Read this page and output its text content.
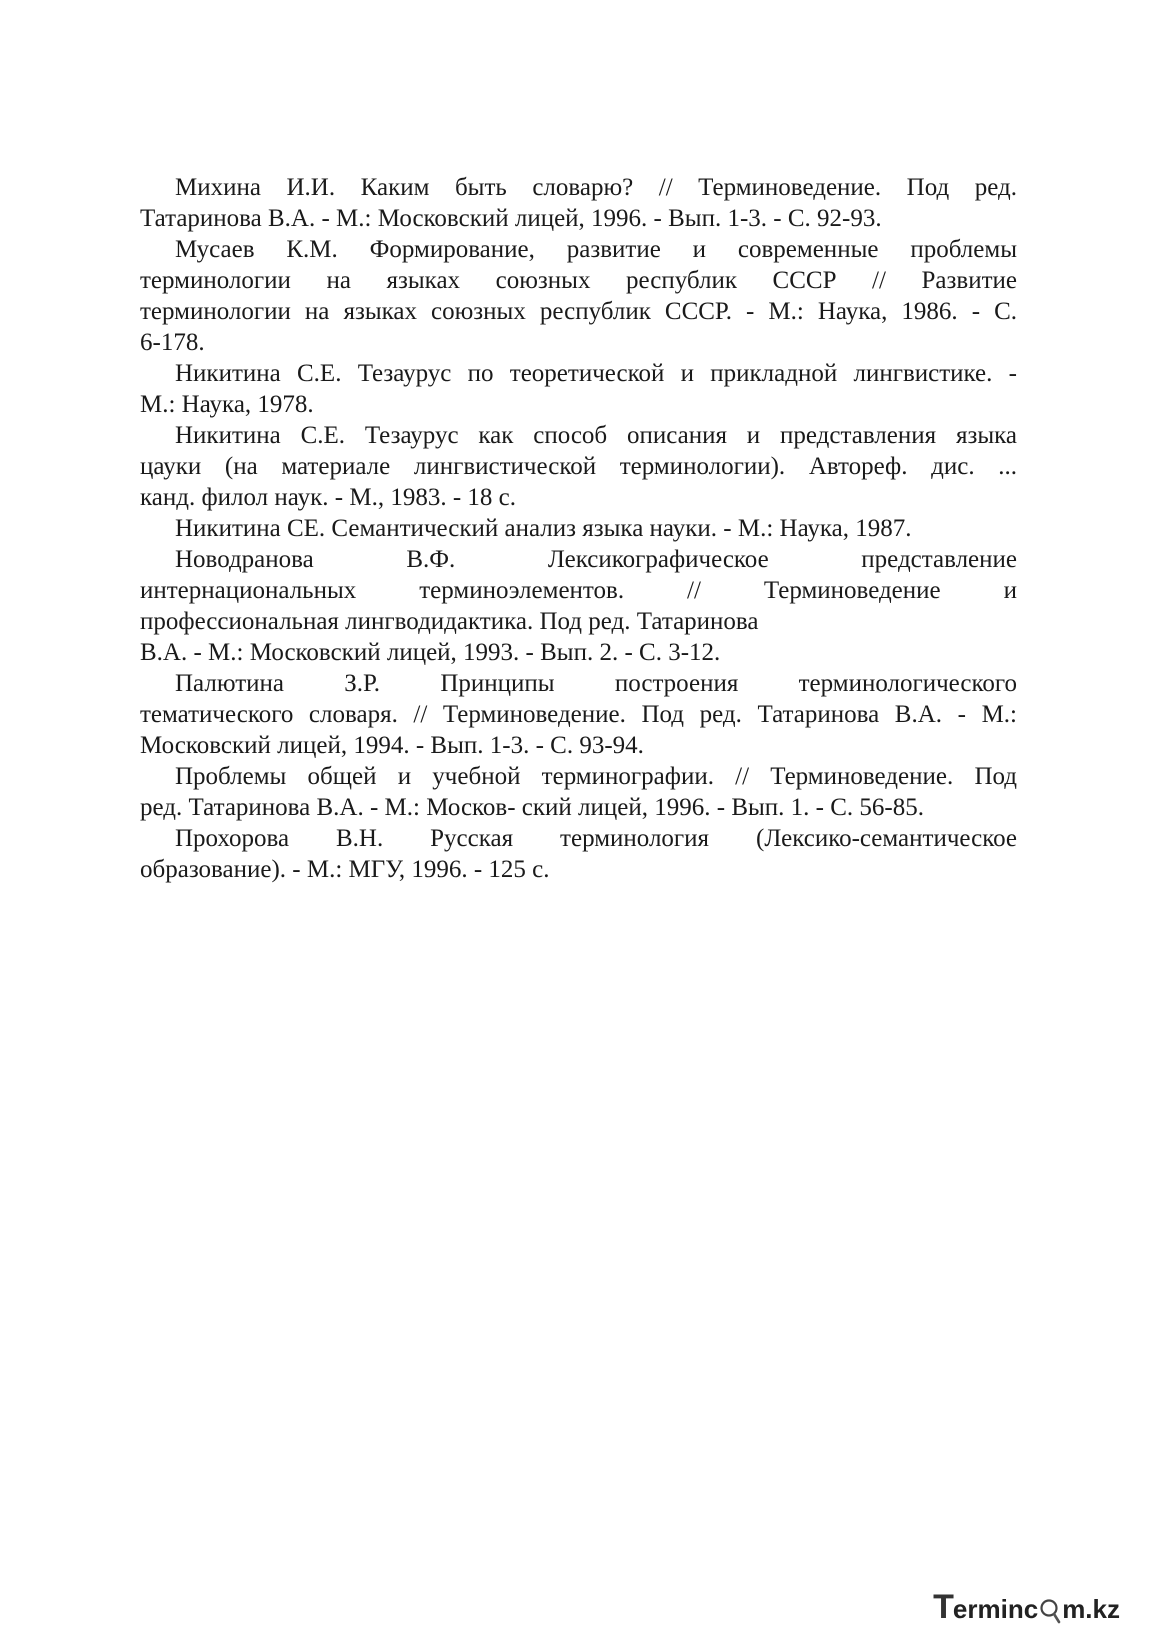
Михина И.И. Каким быть словарю? // Терминоведение. Под ред.
Татаринова В.А. - М.: Московский лицей, 1996. - Вып. 1-3. - С. 92-93.

Мусаев К.М. Формирование, развитие и современные проблемы
терминологии на языках союзных республик СССР // Развитие
терминологии на языках союзных республик СССР. - М.: Наука, 1986. - С.
6-178.

Никитина С.Е. Тезаурус по теоретической и прикладной лингвистике. -
М.: Наука, 1978.

Никитина С.Е. Тезаурус как способ описания и представления языка
цауки (на материале лингвистической терминологии). Автореф. дис. ...
канд. филол наук. - М., 1983. - 18 с.

Никитина СЕ. Семантический анализ языка науки. - М.: Наука, 1987.

Новодранова В.Ф. Лексикографическое представление
интернациональных терминоэлементов. // Терминоведение и
профессиональная лингводидактика. Под ред. Татаринова
В.А. - М.: Московский лицей, 1993. - Вып. 2. - С. 3-12.

Палютина З.Р. Принципы построения терминологического
тематического словаря. // Терминоведение. Под ред. Татаринова В.А. - М.:
Московский лицей, 1994. - Вып. 1-3. - С. 93-94.

Проблемы общей и учебной терминографии. // Терминоведение. Под
ред. Татаринова В.А. - М.: Москов- ский лицей, 1996. - Вып. 1. - С. 56-85.

Прохорова В.Н. Русская терминология (Лексико-семантическое
образование). - М.: МГУ, 1996. - 125 с.

T erminc m.kz
